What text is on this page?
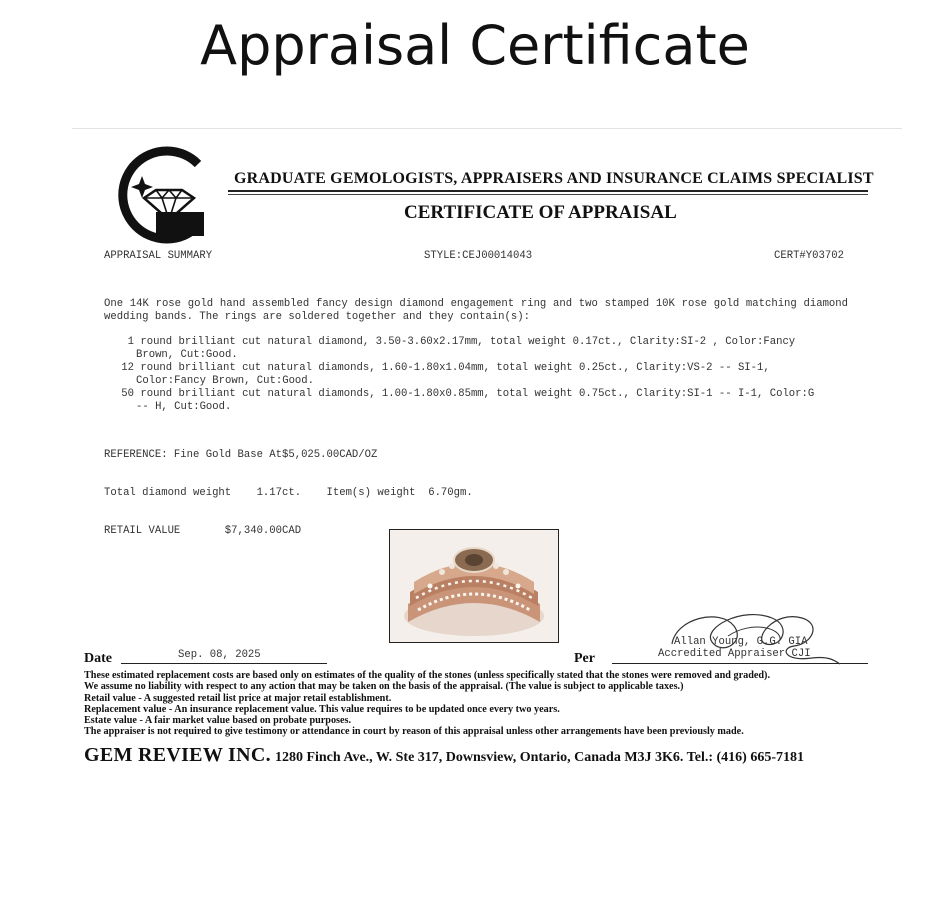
Appraisal Certificate
GRADUATE GEMOLOGISTS, APPRAISERS AND INSURANCE CLAIMS SPECIALIST
CERTIFICATE OF APPRAISAL
APPRAISAL SUMMARY	STYLE:CEJ00014043	CERT#Y03702
One 14K rose gold hand assembled fancy design diamond engagement ring and two stamped 10K rose gold matching diamond wedding bands. The rings are soldered together and they contain(s):
1 round brilliant cut natural diamond, 3.50-3.60x2.17mm, total weight 0.17ct., Clarity:SI-2 , Color:Fancy
Brown, Cut:Good.
12 round brilliant cut natural diamonds, 1.60-1.80x1.04mm, total weight 0.25ct., Clarity:VS-2 -- SI-1,
Color:Fancy Brown, Cut:Good.
50 round brilliant cut natural diamonds, 1.00-1.80x0.85mm, total weight 0.75ct., Clarity:SI-1 -- I-1, Color:G
-- H, Cut:Good.

REFERENCE: Fine Gold Base At$5,025.00CAD/OZ

Total diamond weight    1.17ct.    Item(s) weight  6.70gm.

RETAIL VALUE       $7,340.00CAD

Date	Sep. 08, 2025	Per
Allan Young, G.G. GIA
Accredited Appraiser CJI
These estimated replacement costs are based only on estimates of the quality of the stones (unless specifically stated that the stones were removed and graded).
We assume no liability with respect to any action that may be taken on the basis of the appraisal. (The value is subject to applicable taxes.)
Retail value - A suggested retail list price at major retail establishment.
Replacement value - An insurance replacement value. This value requires to be updated once every two years.
Estate value - A fair market value based on probate purposes.
The appraiser is not required to give testimony or attendance in court by reason of this appraisal unless other arrangements have been previously made.
GEM REVIEW INC. 1280 Finch Ave., W. Ste 317, Downsview, Ontario, Canada M3J 3K6. Tel.: (416) 665-7181
